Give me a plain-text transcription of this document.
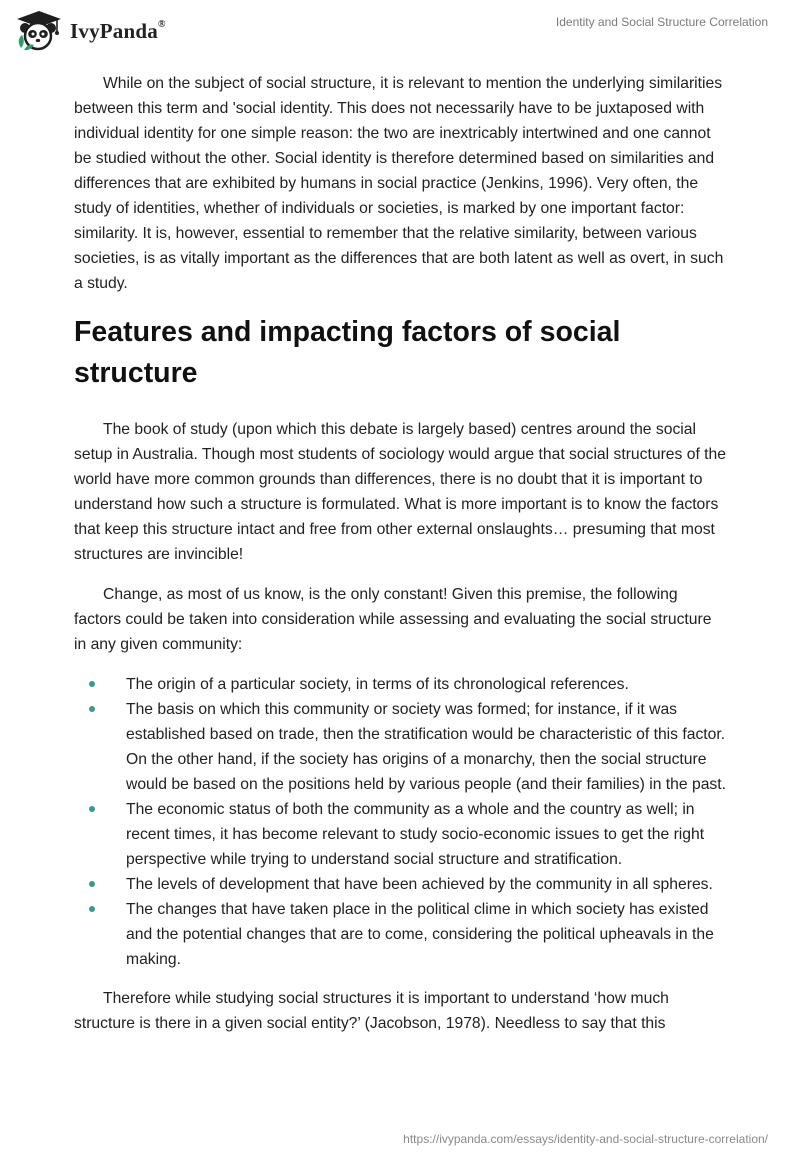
IvyPanda®	Identity and Social Structure Correlation

While on the subject of social structure, it is relevant to mention the underlying similarities between this term and 'social identity. This does not necessarily have to be juxtaposed with individual identity for one simple reason: the two are inextricably intertwined and one cannot be studied without the other. Social identity is therefore determined based on similarities and differences that are exhibited by humans in social practice (Jenkins, 1996). Very often, the study of identities, whether of individuals or societies, is marked by one important factor: similarity. It is, however, essential to remember that the relative similarity, between various societies, is as vitally important as the differences that are both latent as well as overt, in such a study.

Features and impacting factors of social structure

The book of study (upon which this debate is largely based) centres around the social setup in Australia. Though most students of sociology would argue that social structures of the world have more common grounds than differences, there is no doubt that it is important to understand how such a structure is formulated. What is more important is to know the factors that keep this structure intact and free from other external onslaughts… presuming that most structures are invincible!

Change, as most of us know, is the only constant! Given this premise, the following factors could be taken into consideration while assessing and evaluating the social structure in any given community:

The origin of a particular society, in terms of its chronological references.
The basis on which this community or society was formed; for instance, if it was established based on trade, then the stratification would be characteristic of this factor. On the other hand, if the society has origins of a monarchy, then the social structure would be based on the positions held by various people (and their families) in the past.
The economic status of both the community as a whole and the country as well; in recent times, it has become relevant to study socio-economic issues to get the right perspective while trying to understand social structure and stratification.
The levels of development that have been achieved by the community in all spheres.
The changes that have taken place in the political clime in which society has existed and the potential changes that are to come, considering the political upheavals in the making.

Therefore while studying social structures it is important to understand ‘how much structure is there in a given social entity?’ (Jacobson, 1978). Needless to say that this

https://ivypanda.com/essays/identity-and-social-structure-correlation/
